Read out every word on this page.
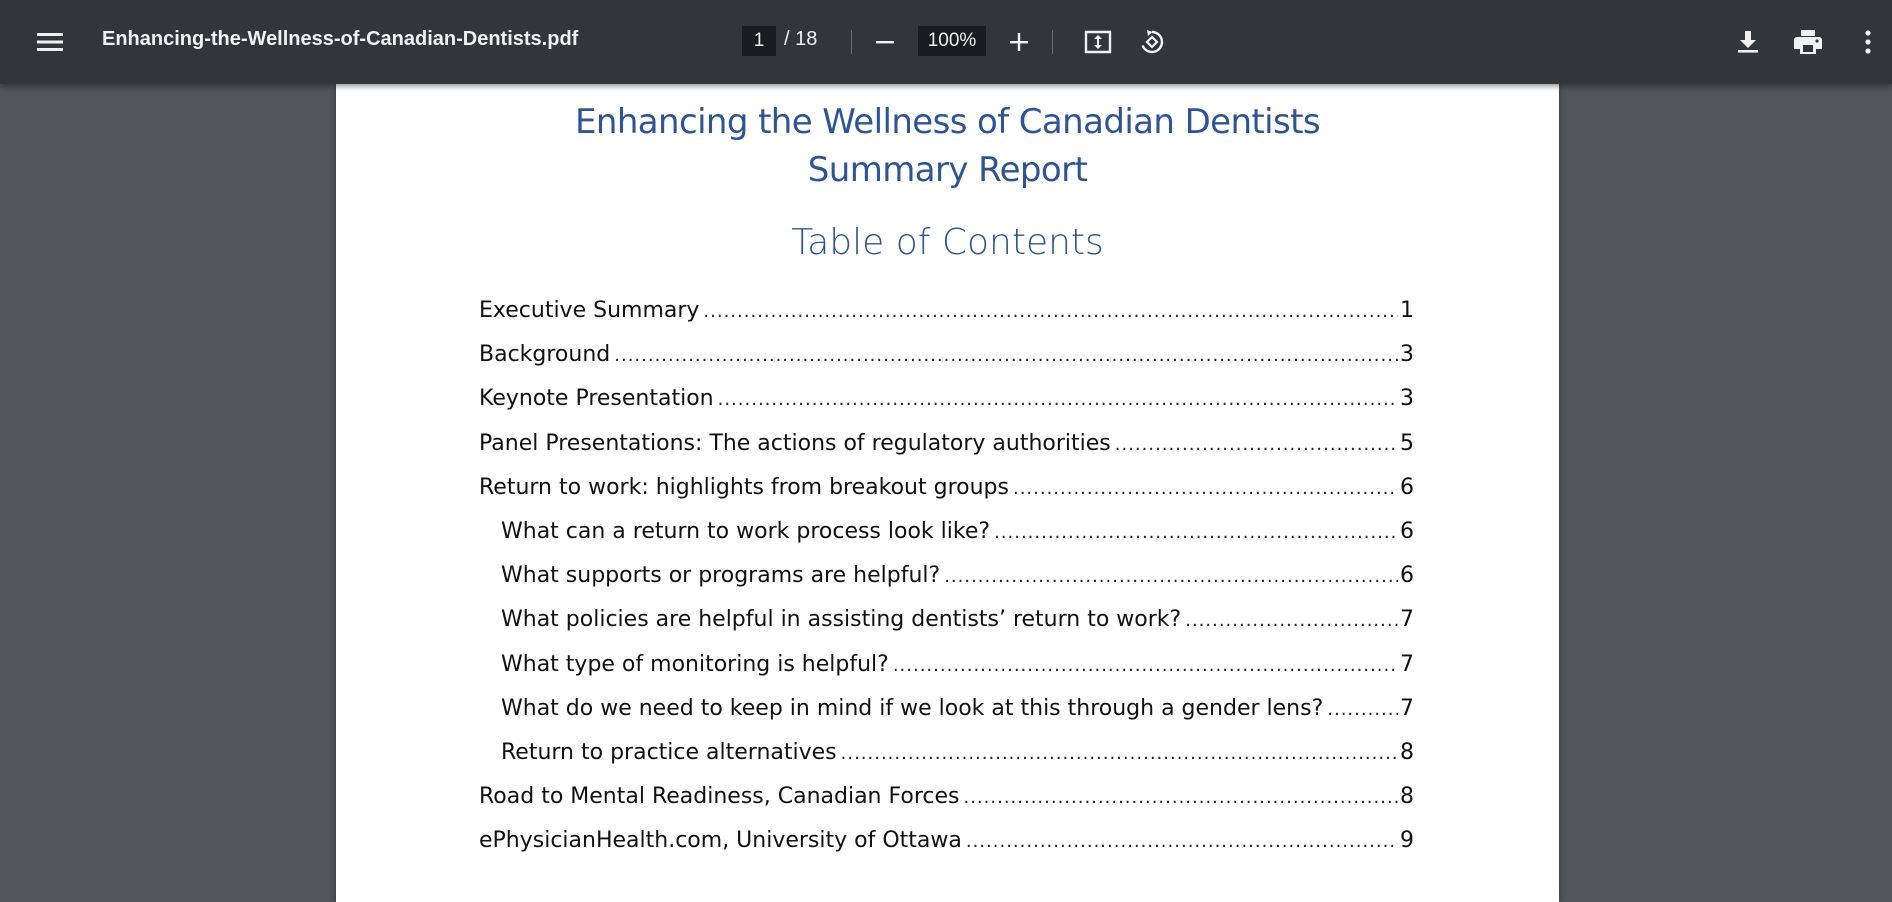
Enhancing-the-Wellness-of-Canadian-Dentists.pdf	1 / 18	100%
Enhancing the Wellness of Canadian Dentists
Summary Report
Table of Contents
Executive Summary .....	1
Background .....	3
Keynote Presentation .....	3
Panel Presentations: The actions of regulatory authorities .....	5
Return to work: highlights from breakout groups .....	6
What can a return to work process look like? .....	6
What supports or programs are helpful? .....	6
What policies are helpful in assisting dentists’ return to work? .....	7
What type of monitoring is helpful? .....	7
What do we need to keep in mind if we look at this through a gender lens? .....	7
Return to practice alternatives .....	8
Road to Mental Readiness, Canadian Forces .....	8
ePhysicianHealth.com, University of Ottawa .....	9
